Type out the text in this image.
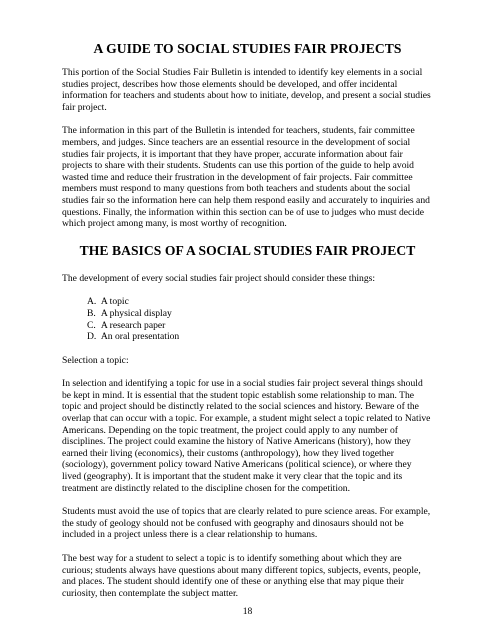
A GUIDE TO SOCIAL STUDIES FAIR PROJECTS

This portion of the Social Studies Fair Bulletin is intended to identify key elements in a social studies project, describes how those elements should be developed, and offer incidental information for teachers and students about how to initiate, develop, and present a social studies fair project.

The information in this part of the Bulletin is intended for teachers, students, fair committee members, and judges. Since teachers are an essential resource in the development of social studies fair projects, it is important that they have proper, accurate information about fair projects to share with their students. Students can use this portion of the guide to help avoid wasted time and reduce their frustration in the development of fair projects. Fair committee members must respond to many questions from both teachers and students about the social studies fair so the information here can help them respond easily and accurately to inquiries and questions. Finally, the information within this section can be of use to judges who must decide which project among many, is most worthy of recognition.

THE BASICS OF A SOCIAL STUDIES FAIR PROJECT

The development of every social studies fair project should consider these things:

A. A topic
B. A physical display
C. A research paper
D. An oral presentation

Selection a topic:

In selection and identifying a topic for use in a social studies fair project several things should be kept in mind. It is essential that the student topic establish some relationship to man. The topic and project should be distinctly related to the social sciences and history. Beware of the overlap that can occur with a topic. For example, a student might select a topic related to Native Americans. Depending on the topic treatment, the project could apply to any number of disciplines. The project could examine the history of Native Americans (history), how they earned their living (economics), their customs (anthropology), how they lived together (sociology), government policy toward Native Americans (political science), or where they lived (geography). It is important that the student make it very clear that the topic and its treatment are distinctly related to the discipline chosen for the competition.

Students must avoid the use of topics that are clearly related to pure science areas. For example, the study of geology should not be confused with geography and dinosaurs should not be included in a project unless there is a clear relationship to humans.

The best way for a student to select a topic is to identify something about which they are curious; students always have questions about many different topics, subjects, events, people, and places. The student should identify one of these or anything else that may pique their curiosity, then contemplate the subject matter.

18
